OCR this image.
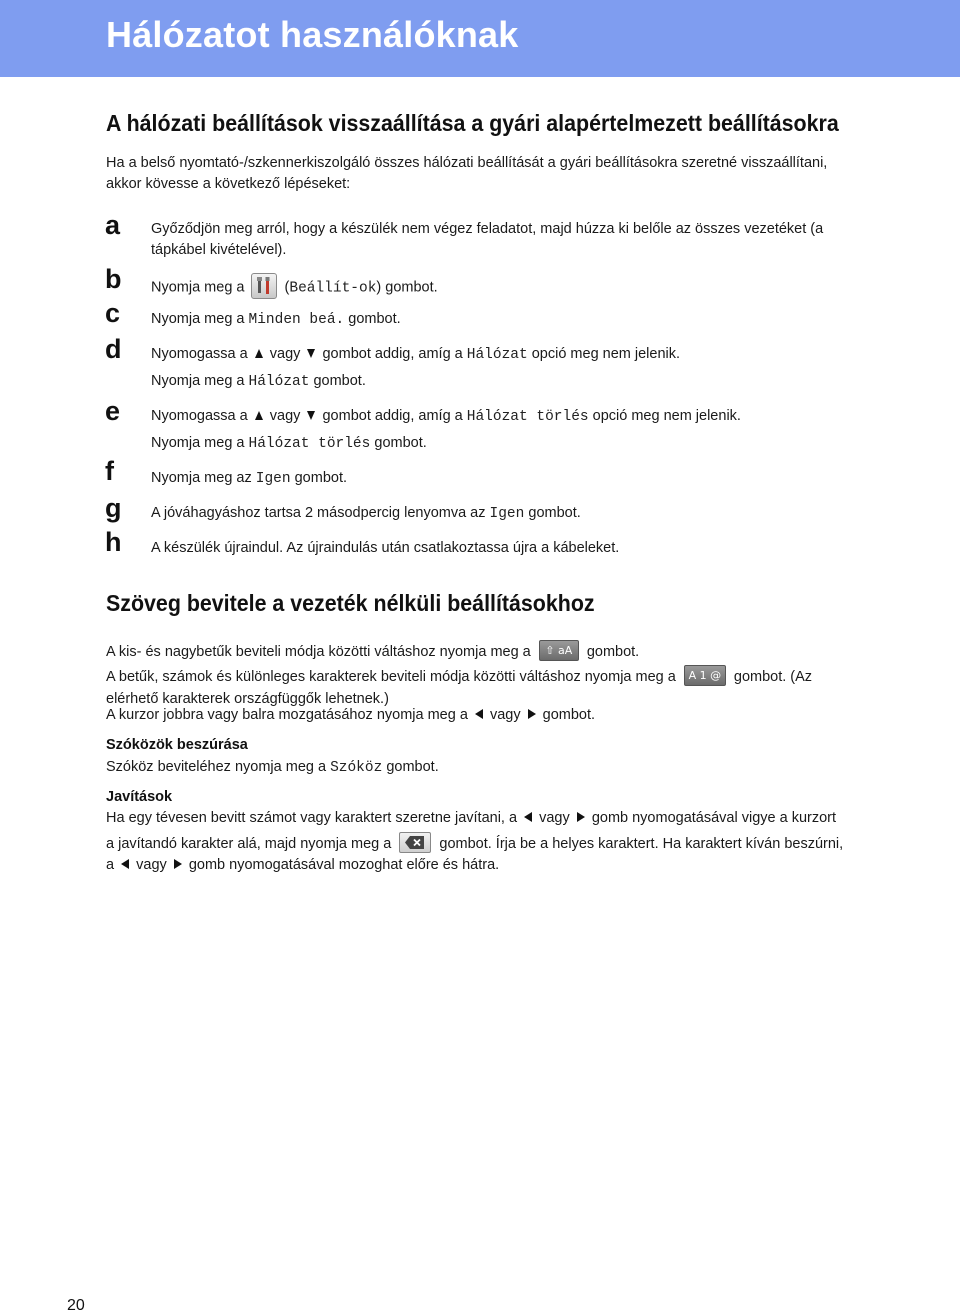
Hálózatot használóknak
A hálózati beállítások visszaállítása a gyári alapértelmezett beállításokra
Ha a belső nyomtató-/szkennerkiszolgáló összes hálózati beállítását a gyári beállításokra szeretné visszaállítani,
akkor kövesse a következő lépéseket:
a Győződjön meg arról, hogy a készülék nem végez feladatot, majd húzza ki belőle az összes vezetéket (a
tápkábel kivételével).
b Nyomja meg a  (Beállít-ok) gombot.
c Nyomja meg a Minden beá. gombot.
d Nyomogassa a vagy gombot addig, amíg a Hálózat opció meg nem jelenik.
Nyomja meg a Hálózat gombot.
e Nyomogassa a vagy gombot addig, amíg a Hálózat törlés opció meg nem jelenik.
Nyomja meg a Hálózat törlés gombot.
f	Nyomja meg az Igen gombot.
g A jóváhagyáshoz tartsa 2 másodpercig lenyomva az Igen gombot.
h A készülék újraindul. Az újraindulás után csatlakoztassa újra a kábeleket.
Szöveg bevitele a vezeték nélküli beállításokhoz
A kis- és nagybetűk beviteli módja közötti váltáshoz nyomja meg a ⇧ aA gombot.
A betűk, számok és különleges karakterek beviteli módja közötti váltáshoz nyomja meg a A 1 @ gombot. (Az
elérhető karakterek országfüggők lehetnek.)
A kurzor jobbra vagy balra mozgatásához nyomja meg a vagy gombot.
Szóközök beszúrása
Szóköz beviteléhez nyomja meg a Szóköz gombot.
Javítások
Ha egy tévesen bevitt számot vagy karaktert szeretne javítani, a vagy gomb nyomogatásával vigye a kurzort
a javítandó karakter alá, majd nyomja meg a	gombot. Írja be a helyes karaktert. Ha karaktert kíván beszúrni,
a vagy gomb nyomogatásával mozoghat előre és hátra.
20
